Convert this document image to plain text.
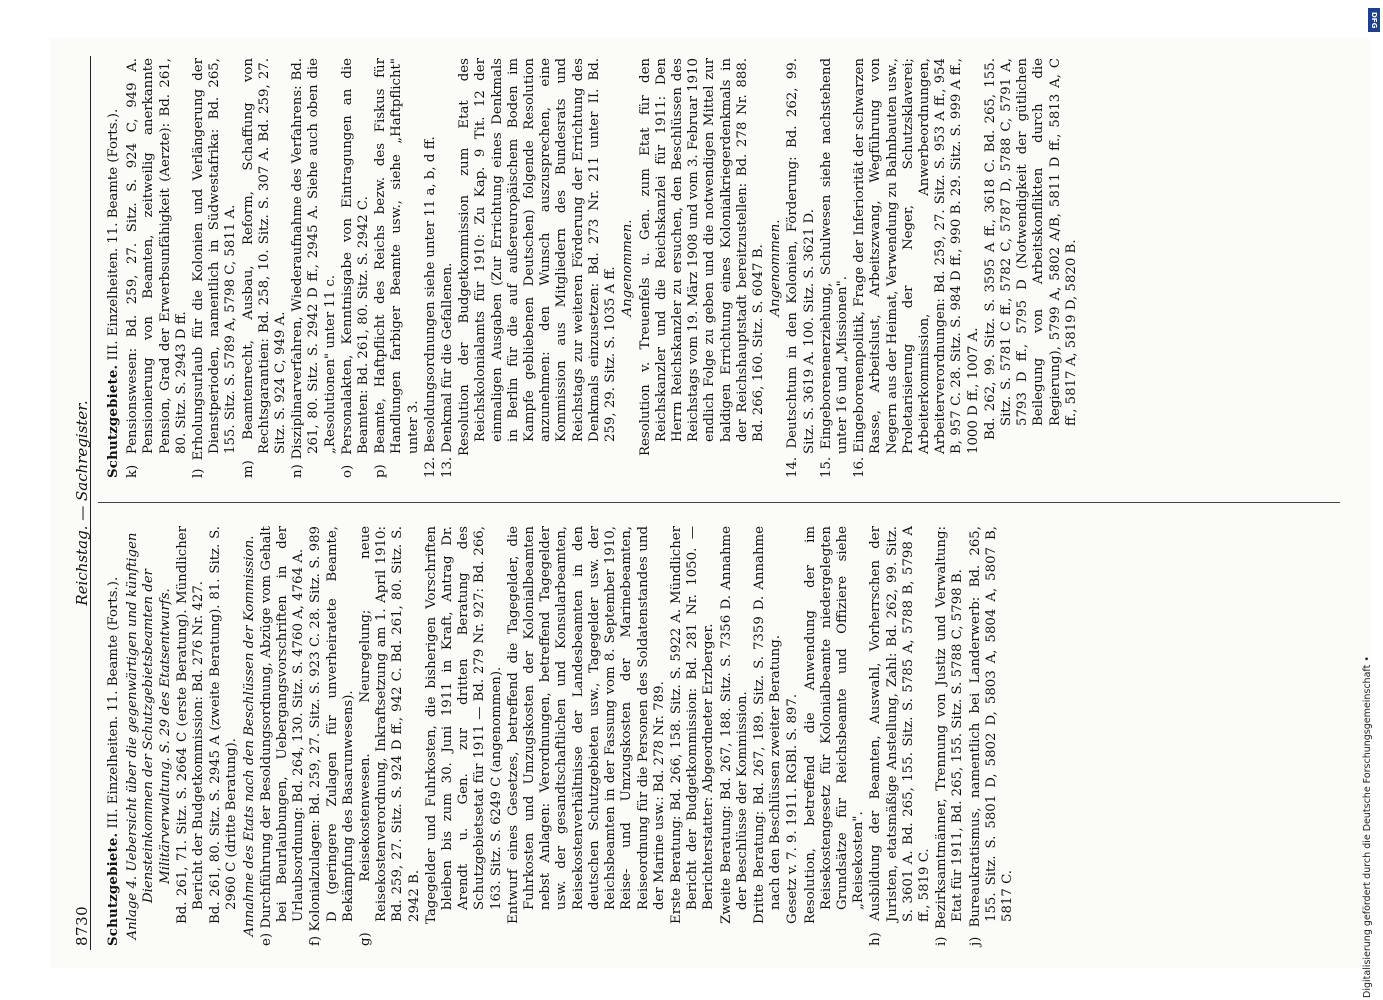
8730
Reichstag. — Sachregister.

Schutzgebiete. III. Einzelheiten. 11. Beamte (Forts.). Anlage 4. Uebersicht über die gegenwärtigen und künftigen Diensteinkommen der Schutzgebietsbeamten der Militärverwaltung. S. 29 des Etatsentwurfs. Bd. 261, 71. Sitz. S. 2664 C (erste Beratung). Mündlicher Bericht der Budgetkommission: Bd. 276 Nr. 427. Bd. 261, 80. Sitz. S. 2945 A (zweite Beratung). 81. Sitz. S. 2960 C (dritte Beratung). Annahme des Etats nach den Beschlüssen der Kommission. e) Durchführung der Besoldungsordnung, Abzüge vom Gehalt bei Beurlaubungen, Uebergangsvorschriften in der Urlaubsordnung: Bd. 264, 130. Sitz. S. 4760 A, 4764 A. f) Kolonialzulagen: Bd. 259, 27. Sitz. S. 923 C. 28. Sitz. S. 989 D (geringere Zulagen für unverheiratete Beamte, Bekämpfung des Basarunwesens). g) Reisekostenwesen. Neuregelung; neue Reisekostenverordnung, Inkraftsetzung am 1. April 1910: Bd. 259, 27. Sitz. S. 924 D ff., 942 C. Bd. 261, 80. Sitz. S. 2942 B. Tagegelder und Fuhrkosten, die bisherigen Vorschriften bleiben bis zum 30. Juni 1911 in Kraft, Antrag Dr. Arendt u. Gen. zur dritten Beratung des Schutzgebietsetat für 1911 — Bd. 279 Nr. 927: Bd. 266, 163. Sitz. S. 6249 C (angenommen). Entwurf eines Gesetzes, betreffend die Tagegelder, die Fuhrkosten und Umzugskosten der Kolonialbeamten nebst Anlagen: Verordnungen, betreffend Tagegelder usw. der gesandtschaftlichen und Konsularbeamten, Reisekostenverhältnisse der Landesbeamten in den deutschen Schutzgebieten usw., Tagegelder usw. der Reichsbeamten in der Fassung vom 8. September 1910, Reise- und Umzugskosten der Marinebeamten, Reiseordnung für die Personen des Soldatenstandes und der Marine usw.: Bd. 278 Nr. 789. Erste Beratung: Bd. 266, 158. Sitz. S. 5922 A. Mündlicher Bericht der Budgetkommission: Bd. 281 Nr. 1050. — Berichterstatter: Abgeordneter Erzberger. Zweite Beratung: Bd. 267, 188. Sitz. S. 7356 D. Annahme der Beschlüsse der Kommission. Dritte Beratung: Bd. 267, 189. Sitz. S. 7359 D. Annahme nach den Beschlüssen zweiter Beratung. Gesetz v. 7. 9. 1911. RGBl. S. 897. Resolution, betreffend die Anwendung der im Reisekostengesetz für Kolonialbeamte niedergelegten Grundsätze für Reichsbeamte und Offiziere siehe „Reisekosten". h) Ausbildung der Beamten, Auswahl, Vorherrschen der Juristen, etatsmäßige Anstellung, Zahl: Bd. 262, 99. Sitz. S. 3601 A. Bd. 265, 155. Sitz. S. 5785 A, 5788 B, 5798 A ff., 5819 C. i) Bezirksamtmänner, Trennung von Justiz und Verwaltung: Etat für 1911, Bd. 265, 155. Sitz. S. 5788 C, 5798 B. j) Bureaukratismus, namentlich bei Landerwerb: Bd. 265, 155. Sitz. S. 5801 D, 5802 D, 5803 A, 5804 A, 5807 B, 5817 C.

Schutzgebiete. III. Einzelheiten. 11. Beamte (Forts.). k) Pensionswesen: Bd. 259, 27. Sitz. S. 924 C, 949 A. Pensionierung von Beamten, zeitweilig anerkannte Pension, Grad der Erwerbsunfähigkeit (Aerzte): Bd. 261, 80. Sitz. S. 2943 D ff. l) Erholungsurlaub für die Kolonien und Verlängerung der Dienstperioden, namentlich in Südwestafrika: Bd. 265, 155. Sitz. S. 5789 A, 5798 C, 5811 A. m) Beamtenrecht, Ausbau, Reform, Schaffung von Rechtsgarantien: Bd. 258, 10. Sitz. S. 307 A. Bd. 259, 27. Sitz. S. 924 C, 949 A. n) Disziplinarverfahren, Wiederaufnahme des Verfahrens: Bd. 261, 80. Sitz. S. 2942 D ff., 2945 A. Siehe auch oben die „Resolutionen" unter 11 c. o) Personalakten, Kenntnisgabe von Eintragungen an die Beamten: Bd. 261, 80. Sitz. S. 2942 C. p) Beamte, Haftpflicht des Reichs bezw. des Fiskus für Handlungen farbiger Beamte usw., siehe „Haftpflicht" unter 3. 12. Besoldungsordnungen siehe unter 11 a, b, d ff. 13. Denkmal für die Gefallenen. Resolution der Budgetkommission zum Etat des Reichskolonialamts für 1910: Zu Kap. 9 Tit. 12 der einmaligen Ausgaben (Zur Errichtung eines Denkmals in Berlin für die auf außereuropäischem Boden im Kampfe gebliebenen Deutschen) folgende Resolution anzunehmen: den Wunsch auszusprechen, eine Kommission aus Mitgliedern des Bundesrats und Reichstags zur weiteren Förderung der Errichtung des Denkmals einzusetzen: Bd. 273 Nr. 211 unter II. Bd. 259, 29. Sitz. S. 1035 A ff. Angenommen. Resolution v. Treuenfels u. Gen. zum Etat für den Reichskanzler und die Reichskanzlei für 1911: Den Herrn Reichskanzler zu ersuchen, den Beschlüssen des Reichstags vom 19. März 1908 und vom 3. Februar 1910 endlich Folge zu geben und die notwendigen Mittel zur baldigen Errichtung eines Kolonialkriegerdenkmals in der Reichshauptstadt bereitzustellen: Bd. 278 Nr. 888. Bd. 266, 160. Sitz. S. 6047 B. Angenommen. 14. Deutschtum in den Kolonien, Förderung: Bd. 262, 99. Sitz. S. 3619 A. 100. Sitz. S. 3621 D. 15. Eingeborenenerziehung, Schulwesen siehe nachstehend unter 16 und „Missionen". 16. Eingeborenenpolitik, Frage der Inferiorität der schwarzen Rasse, Arbeitslust, Arbeitszwang, Wegführung von Negern aus der Heimat, Verwendung zu Bahnbauten usw., Proletarisierung der Neger, Schutzsklaverei; Arbeiterkommission, Anwerbeordnungen, Arbeiterverordnungen: Bd. 259, 27. Sitz. S. 953 A ff., 954 B, 957 C. 28. Sitz. S. 984 D ff., 990 B. 29. Sitz. S. 999 A ff., 1000 D ff., 1007 A. Bd. 262, 99. Sitz. S. 3595 A ff., 3618 C. Bd. 265, 155. Sitz. S. 5781 C ff., 5782 C, 5787 D, 5788 C, 5791 A, 5793 D ff., 5795 D (Notwendigkeit der gütlichen Beilegung von Arbeitskonflikten durch die Regierung), 5799 A, 5802 A/B, 5811 D ff., 5813 A, C ff., 5817 A, 5819 D, 5820 B.

Digitalisierung gefördert durch die Deutsche Forschungsgemeinschaft •
DFG
